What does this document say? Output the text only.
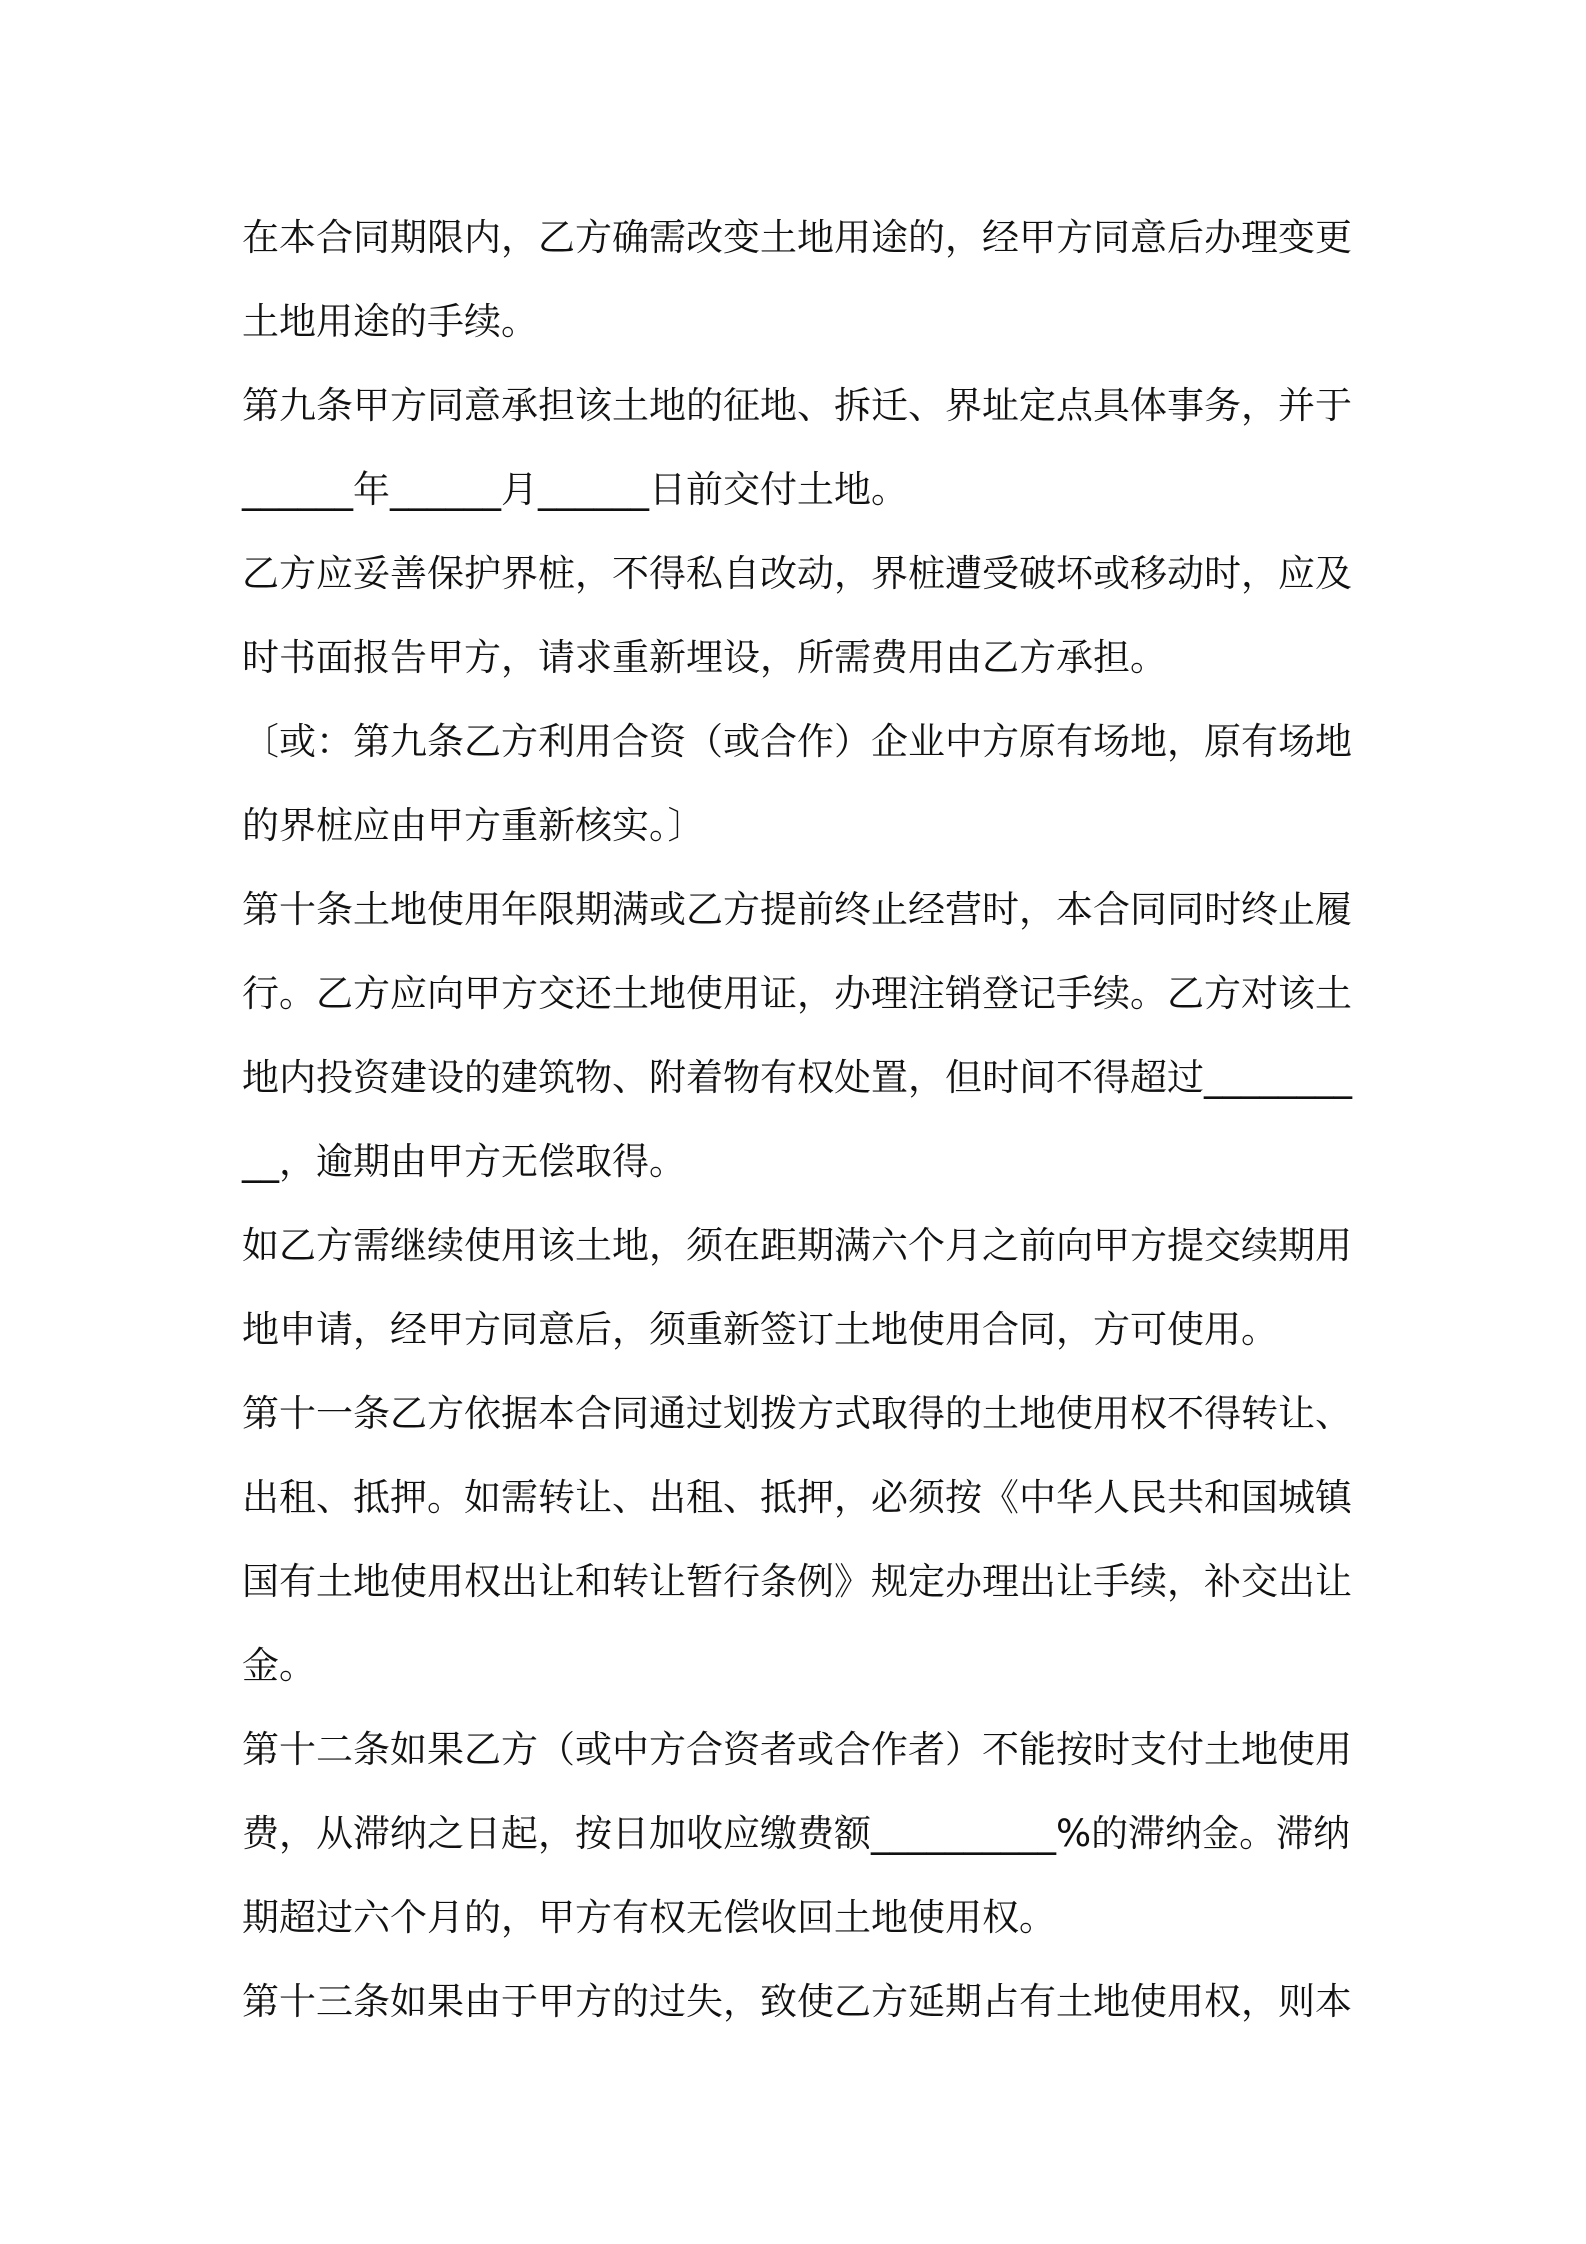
在本合同期限内，乙方确需改变土地用途的，经甲方同意后办理变更
土地用途的手续。
第九条甲方同意承担该土地的征地、拆迁、界址定点具体事务，并于
______年______月______日前交付土地。
乙方应妥善保护界桩，不得私自改动，界桩遭受破坏或移动时，应及
时书面报告甲方，请求重新埋设，所需费用由乙方承担。
〔或：第九条乙方利用合资（或合作）企业中方原有场地，原有场地
的界桩应由甲方重新核实。〕
第十条土地使用年限期满或乙方提前终止经营时，本合同同时终止履
行。乙方应向甲方交还土地使用证，办理注销登记手续。乙方对该土
地内投资建设的建筑物、附着物有权处置，但时间不得超过________
__，逾期由甲方无偿取得。
如乙方需继续使用该土地，须在距期满六个月之前向甲方提交续期用
地申请，经甲方同意后，须重新签订土地使用合同，方可使用。
第十一条乙方依据本合同通过划拨方式取得的土地使用权不得转让、
出租、抵押。如需转让、出租、抵押，必须按《中华人民共和国城镇
国有土地使用权出让和转让暂行条例》规定办理出让手续，补交出让
金。
第十二条如果乙方（或中方合资者或合作者）不能按时支付土地使用
费，从滞纳之日起，按日加收应缴费额__________%的滞纳金。滞纳
期超过六个月的，甲方有权无偿收回土地使用权。
第十三条如果由于甲方的过失，致使乙方延期占有土地使用权，则本
